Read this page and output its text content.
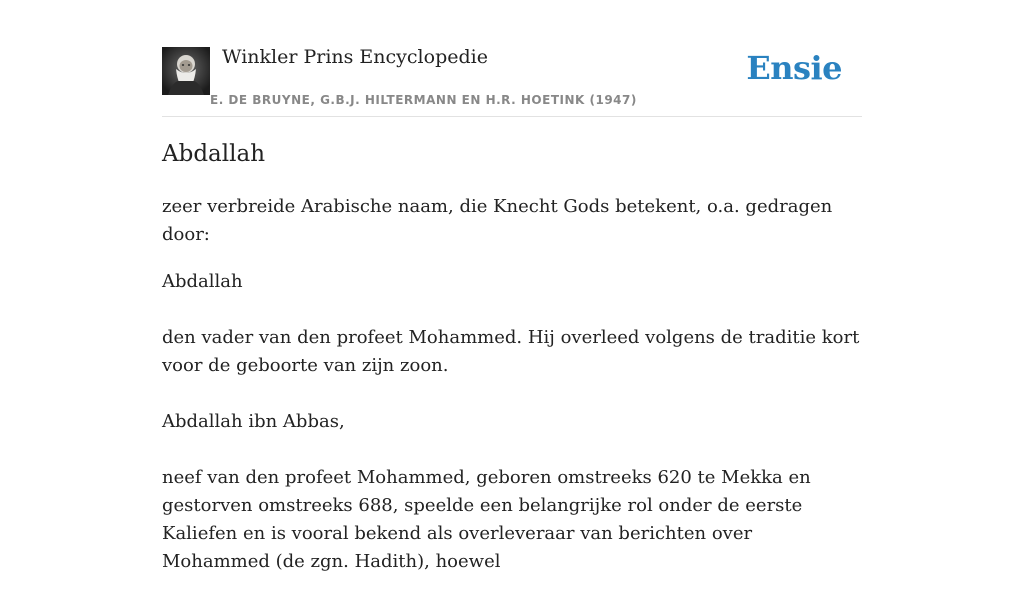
Winkler Prins Encyclopedie
E. DE BRUYNE, G.B.J. HILTERMANN EN H.R. HOETINK (1947)
Ensie
Abdallah

zeer verbreide Arabische naam, die Knecht Gods betekent, o.a. gedragen door:

Abdallah

den vader van den profeet Mohammed. Hij overleed volgens de traditie kort voor de geboorte van zijn zoon.

Abdallah ibn Abbas,

neef van den profeet Mohammed, geboren omstreeks 620 te Mekka en gestorven omstreeks 688, speelde een belangrijke rol onder de eerste Kaliefen en is vooral bekend als overleveraar van berichten over Mohammed (de zgn. Hadith), hoewel
